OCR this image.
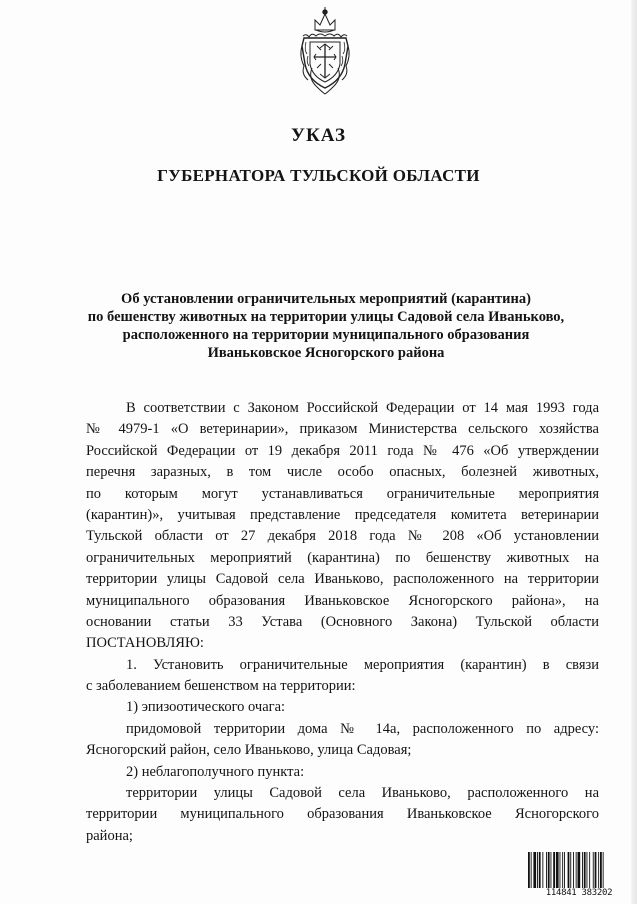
УКАЗ
ГУБЕРНАТОРА ТУЛЬСКОЙ ОБЛАСТИ
Об установлении ограничительных мероприятий (карантина)
по бешенству животных на территории улицы Садовой села Иваньково,
расположенного на территории муниципального образования
Иваньковское Ясногорского района
В соответствии с Законом Российской Федерации от 14 мая 1993 года
№ 4979-1 «О ветеринарии», приказом Министерства сельского хозяйства
Российской Федерации от 19 декабря 2011 года № 476 «Об утверждении
перечня заразных, в том числе особо опасных, болезней животных,
по которым могут устанавливаться ограничительные мероприятия
(карантин)», учитывая представление председателя комитета ветеринарии
Тульской области от 27 декабря 2018 года № 208 «Об установлении
ограничительных мероприятий (карантина) по бешенству животных на
территории улицы Садовой села Иваньково, расположенного на территории
муниципального образования Иваньковское Ясногорского района», на
основании статьи 33 Устава (Основного Закона) Тульской области
ПОСТАНОВЛЯЮ:
1. Установить ограничительные мероприятия (карантин) в связи
с заболеванием бешенством на территории:
1) эпизоотического очага:
придомовой территории дома № 14а, расположенного по адресу:
Ясногорский район, село Иваньково, улица Садовая;
2) неблагополучного пункта:
территории улицы Садовой села Иваньково, расположенного на
территории муниципального образования Иваньковское Ясногорского
района;
114841 383202
